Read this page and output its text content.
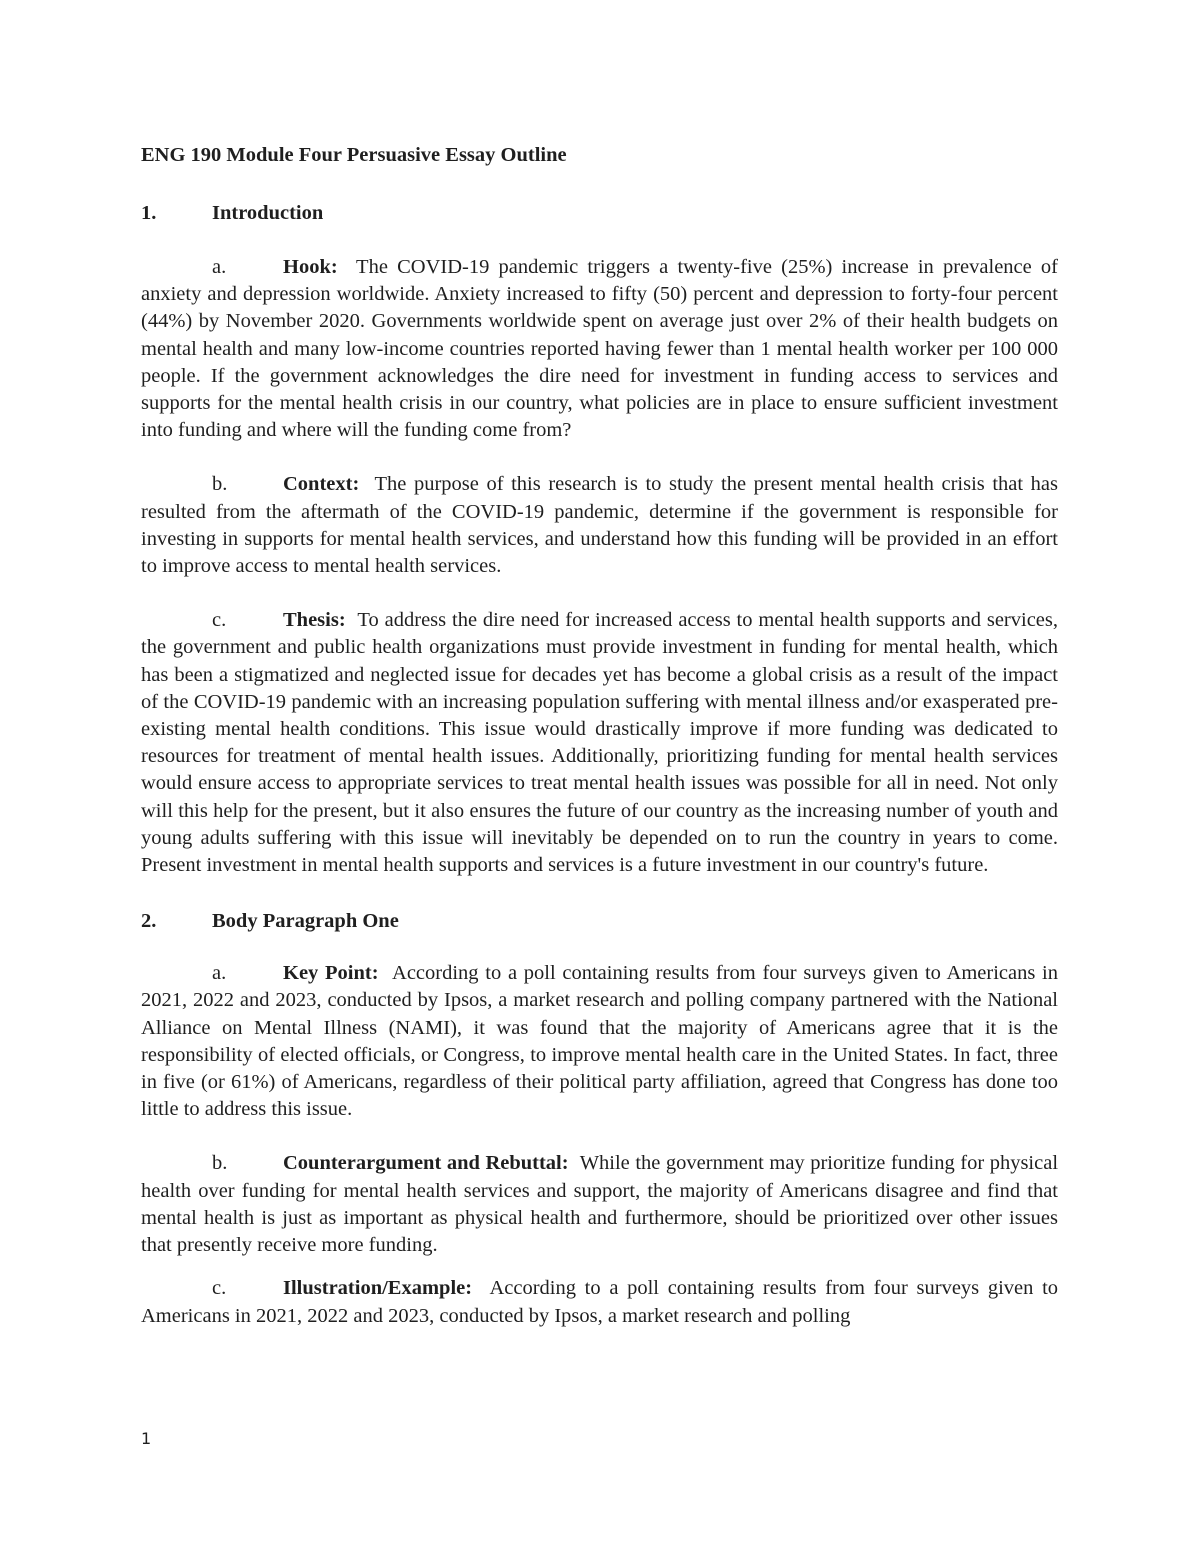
ENG 190 Module Four Persuasive Essay Outline

1.	Introduction

a.	Hook: The COVID-19 pandemic triggers a twenty-five (25%) increase in prevalence of anxiety and depression worldwide. Anxiety increased to fifty (50) percent and depression to forty-four percent (44%) by November 2020. Governments worldwide spent on average just over 2% of their health budgets on mental health and many low-income countries reported having fewer than 1 mental health worker per 100 000 people. If the government acknowledges the dire need for investment in funding access to services and supports for the mental health crisis in our country, what policies are in place to ensure sufficient investment into funding and where will the funding come from?

b.	Context: The purpose of this research is to study the present mental health crisis that has resulted from the aftermath of the COVID-19 pandemic, determine if the government is responsible for investing in supports for mental health services, and understand how this funding will be provided in an effort to improve access to mental health services.

c.	Thesis: To address the dire need for increased access to mental health supports and services, the government and public health organizations must provide investment in funding for mental health, which has been a stigmatized and neglected issue for decades yet has become a global crisis as a result of the impact of the COVID-19 pandemic with an increasing population suffering with mental illness and/or exasperated pre-existing mental health conditions. This issue would drastically improve if more funding was dedicated to resources for treatment of mental health issues. Additionally, prioritizing funding for mental health services would ensure access to appropriate services to treat mental health issues was possible for all in need. Not only will this help for the present, but it also ensures the future of our country as the increasing number of youth and young adults suffering with this issue will inevitably be depended on to run the country in years to come. Present investment in mental health supports and services is a future investment in our country's future.

2.	Body Paragraph One

a.	Key Point: According to a poll containing results from four surveys given to Americans in 2021, 2022 and 2023, conducted by Ipsos, a market research and polling company partnered with the National Alliance on Mental Illness (NAMI), it was found that the majority of Americans agree that it is the responsibility of elected officials, or Congress, to improve mental health care in the United States. In fact, three in five (or 61%) of Americans, regardless of their political party affiliation, agreed that Congress has done too little to address this issue.

b.	Counterargument and Rebuttal: While the government may prioritize funding for physical health over funding for mental health services and support, the majority of Americans disagree and find that mental health is just as important as physical health and furthermore, should be prioritized over other issues that presently receive more funding.

c.	Illustration/Example: According to a poll containing results from four surveys given to Americans in 2021, 2022 and 2023, conducted by Ipsos, a market research and polling

1
